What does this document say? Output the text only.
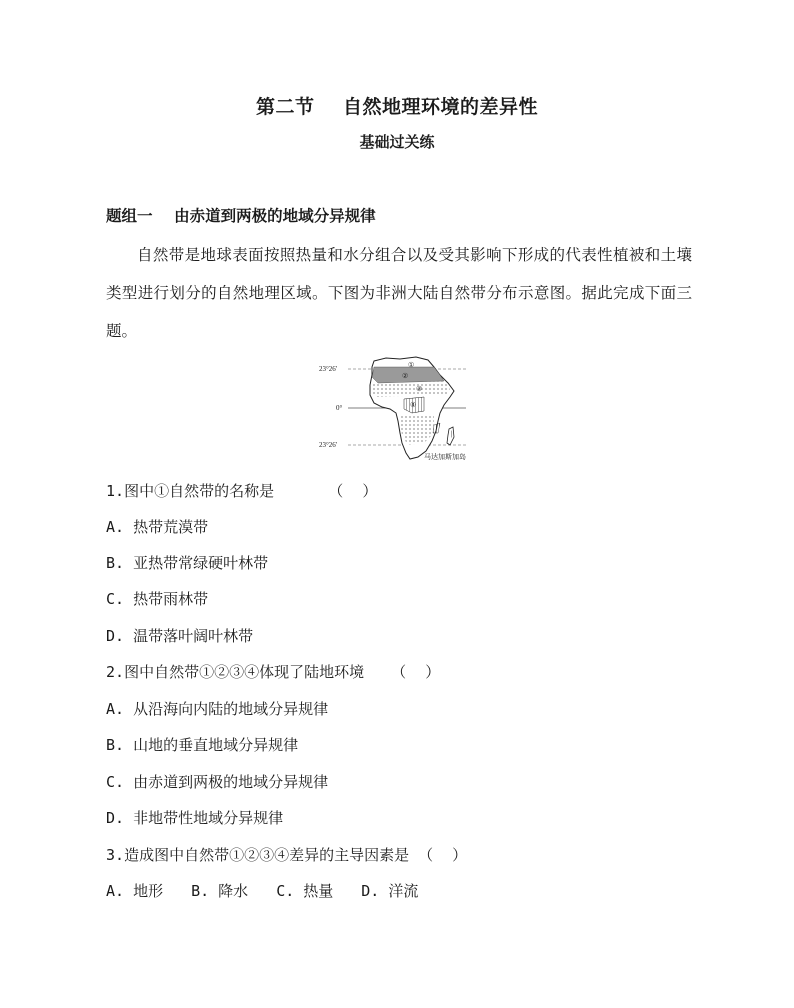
第二节    自然地理环境的差异性
基础过关练
题组一    由赤道到两极的地域分异规律
自然带是地球表面按照热量和水分组合以及受其影响下形成的代表性植被和土壤类型进行划分的自然地理区域。下图为非洲大陆自然带分布示意图。据此完成下面三题。
①
②
③
④
23°26′
0°
23°26′
马达加斯加岛
1.图中①自然带的名称是	（    ）
A. 热带荒漠带
B. 亚热带常绿硬叶林带
C. 热带雨林带
D. 温带落叶阔叶林带
2.图中自然带①②③④体现了陆地环境 （    ）
A. 从沿海向内陆的地域分异规律
B. 山地的垂直地域分异规律
C. 由赤道到两极的地域分异规律
D. 非地带性地域分异规律
3.造成图中自然带①②③④差异的主导因素是 （    ）
A. 地形 B. 降水 C. 热量 D. 洋流
